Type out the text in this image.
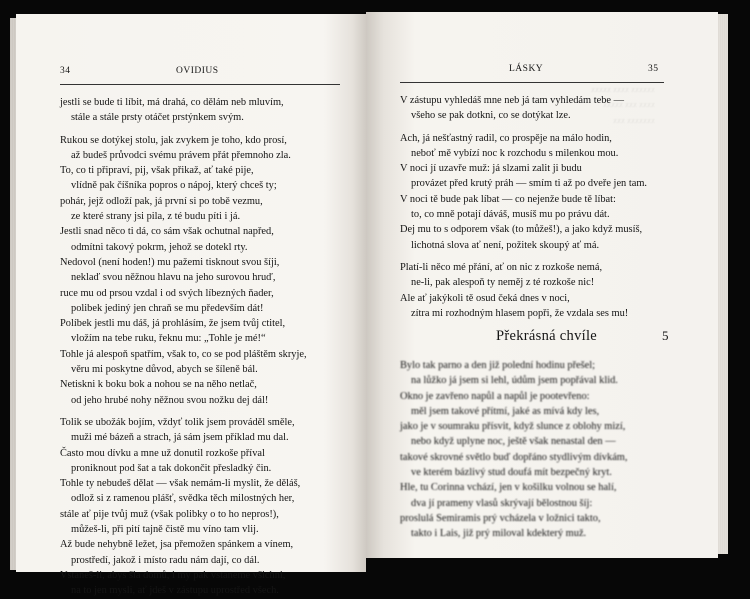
34	OVIDIUS
jestli se bude ti líbit, má drahá, co dělám neb mluvím,
stále a stále prsty otáčet prstýnkem svým.
Rukou se dotýkej stolu, jak zvykem je toho, kdo prosí,
až budeš průvodci svému právem přát přemnoho zla.
To, co ti připraví, pij, však přikaž, ať také pije,
vlídně pak číšníka popros o nápoj, který chceš ty;
pohár, jejž odloží pak, já první si po tobě vezmu,
ze které strany jsi pila, z té budu píti i já.
Jestli snad něco ti dá, co sám však ochutnal napřed,
odmítni takový pokrm, jehož se dotekl rty.
Nedovol (není hoden!) mu pažemi tisknout svou šíji,
neklaď svou něžnou hlavu na jeho surovou hruď,
ruce mu od prsou vzdal i od svých líbezných ňader,
polibek jediný jen chraň se mu především dát!
Políbek jestli mu dáš, já prohlásím, že jsem tvůj ctitel,
vložím na tebe ruku, řeknu mu: „Tohle je mé!“
Tohle já alespoň spatřím, však to, co se pod pláštěm skryje,
věru mi poskytne důvod, abych se šíleně bál.
Netiskni k boku bok a nohou se na něho netlač,
od jeho hrubé nohy něžnou svou nožku dej dál!
Tolik se ubožák bojím, vždyť tolik jsem prováděl směle,
muži mé bázeň a strach, já sám jsem příklad mu dal.
Často mou dívku a mne už donutil rozkoše příval
proniknout pod šat a tak dokončit přesladký čin.
Tohle ty nebudeš dělat — však nemám-li myslit, že děláš,
odlož si z ramenou plášť, svědka těch milostných her,
stále ať pije tvůj muž (však polibky o to ho nepros!),
můžeš-li, při pití tajně čistě mu víno tam vlij.
Až bude nehybně ležet, jsa přemožen spánkem a vínem,
prostředí, jakož i místo radu nám dají, co dál.
Vstaneš-li, abys šla domů, i my pak vstaneme všichni,
na to jen mysli, ať jdeš v zástupu uprostřed všech.
xxxxxx xxxx xxxxx
xxxx xxx xxxxx
xxxxxxx xxx
LÁSKY	35
V zástupu vyhledáš mne neb já tam vyhledám tebe —
všeho se pak dotkni, co se dotýkat lze.
Ach, já nešťastný radil, co prospěje na málo hodin,
neboť mě vybízí noc k rozchodu s milenkou mou.
V noci jí uzavře muž: já slzami zalit ji budu
provázet před krutý práh — smím ti až po dveře jen tam.
V noci tě bude pak líbat — co nejenže bude tě líbat:
to, co mně potají dáváš, musíš mu po právu dát.
Dej mu to s odporem však (to můžeš!), a jako když musíš,
lichotná slova ať není, požitek skoupý ať má.
Platí-li něco mé přání, ať on nic z rozkoše nemá,
ne-li, pak alespoň ty neměj z té rozkoše nic!
Ale ať jakýkoli tě osud čeká dnes v noci,
zítra mi rozhodným hlasem popři, že vzdala ses mu!
Překrásná chvíle	5
Bylo tak parno a den již polední hodinu přešel;
na lůžko já jsem si lehl, údům jsem popřával klid.
Okno je zavřeno napůl a napůl je pootevřeno:
měl jsem takové přítmí, jaké as mívá kdy les,
jako je v soumraku přísvit, když slunce z oblohy mizí,
nebo když uplyne noc, ještě však nenastal den —
takové skrovné světlo buď dopřáno stydlivým dívkám,
ve kterém bázlivý stud doufá mít bezpečný kryt.
Hle, tu Corinna vchází, jen v košilku volnou se halí,
dva jí prameny vlasů skrývají bělostnou šíj:
proslulá Semiramis prý vcházela v ložnici takto,
takto i Lais, již prý miloval kdekterý muž.
